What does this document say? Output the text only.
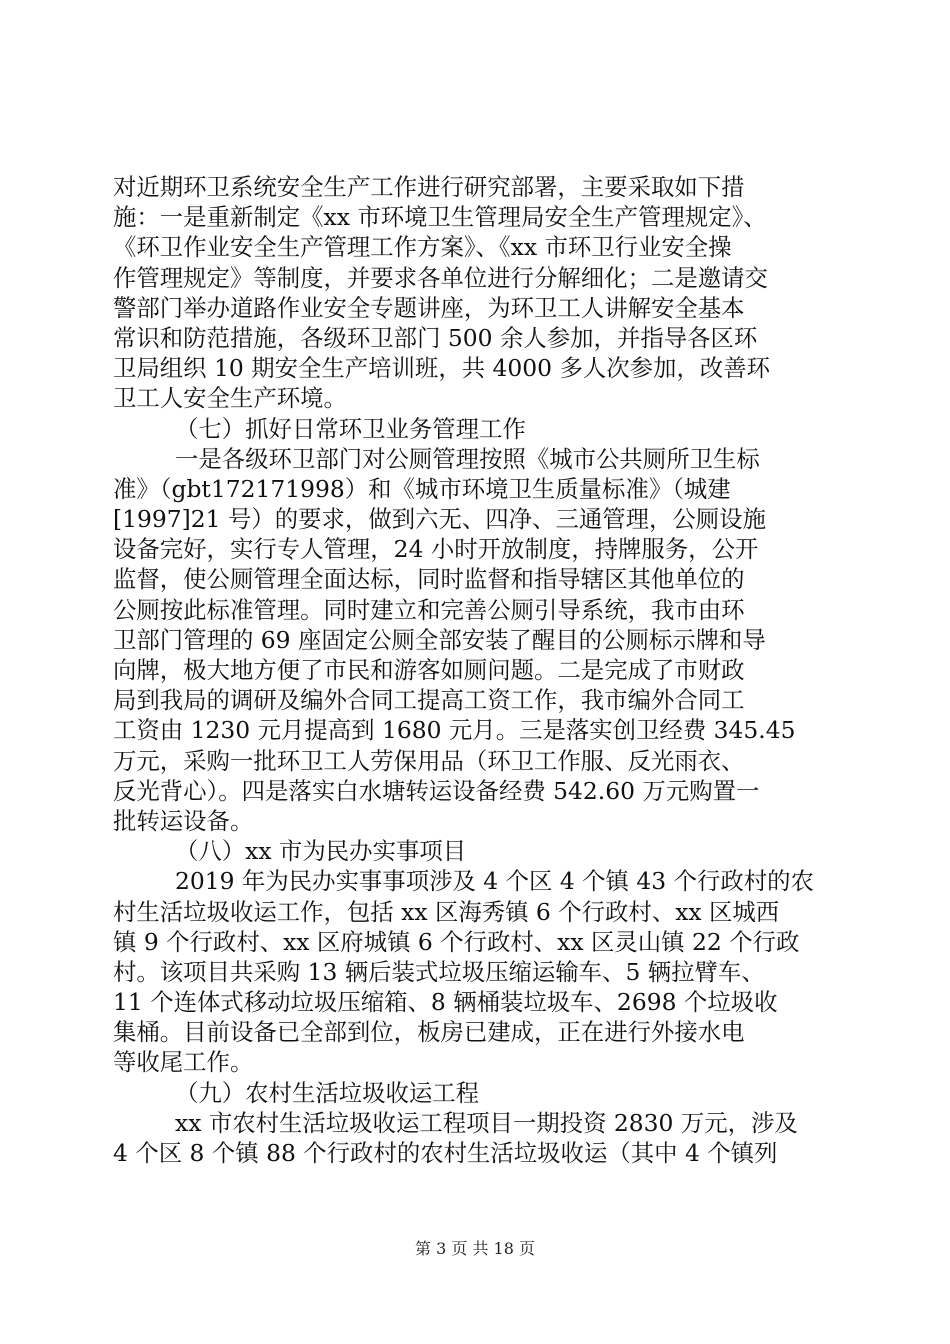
对近期环卫系统安全生产工作进行研究部署，主要采取如下措
施：一是重新制定《xx 市环境卫生管理局安全生产管理规定》、
《环卫作业安全生产管理工作方案》、《xx 市环卫行业安全操
作管理规定》等制度，并要求各单位进行分解细化；二是邀请交
警部门举办道路作业安全专题讲座，为环卫工人讲解安全基本
常识和防范措施，各级环卫部门 500 余人参加，并指导各区环
卫局组织 10 期安全生产培训班，共 4000 多人次参加，改善环
卫工人安全生产环境。
（七）抓好日常环卫业务管理工作
一是各级环卫部门对公厕管理按照《城市公共厕所卫生标
准》（gbt172171998）和《城市环境卫生质量标准》（城建
[1997]21 号）的要求，做到六无、四净、三通管理，公厕设施
设备完好，实行专人管理，24 小时开放制度，持牌服务，公开
监督，使公厕管理全面达标，同时监督和指导辖区其他单位的
公厕按此标准管理。同时建立和完善公厕引导系统，我市由环
卫部门管理的 69 座固定公厕全部安装了醒目的公厕标示牌和导
向牌，极大地方便了市民和游客如厕问题。二是完成了市财政
局到我局的调研及编外合同工提高工资工作，我市编外合同工
工资由 1230 元月提高到 1680 元月。三是落实创卫经费 345.45
万元，采购一批环卫工人劳保用品（环卫工作服、反光雨衣、
反光背心）。四是落实白水塘转运设备经费 542.60 万元购置一
批转运设备。
（八）xx 市为民办实事项目
2019 年为民办实事事项涉及 4 个区 4 个镇 43 个行政村的农
村生活垃圾收运工作，包括 xx 区海秀镇 6 个行政村、xx 区城西
镇 9 个行政村、xx 区府城镇 6 个行政村、xx 区灵山镇 22 个行政
村。该项目共采购 13 辆后装式垃圾压缩运输车、5 辆拉臂车、
11 个连体式移动垃圾压缩箱、8 辆桶装垃圾车、2698 个垃圾收
集桶。目前设备已全部到位，板房已建成，正在进行外接水电
等收尾工作。
（九）农村生活垃圾收运工程
xx 市农村生活垃圾收运工程项目一期投资 2830 万元，涉及
4 个区 8 个镇 88 个行政村的农村生活垃圾收运（其中 4 个镇列
第 3 页 共 18 页
